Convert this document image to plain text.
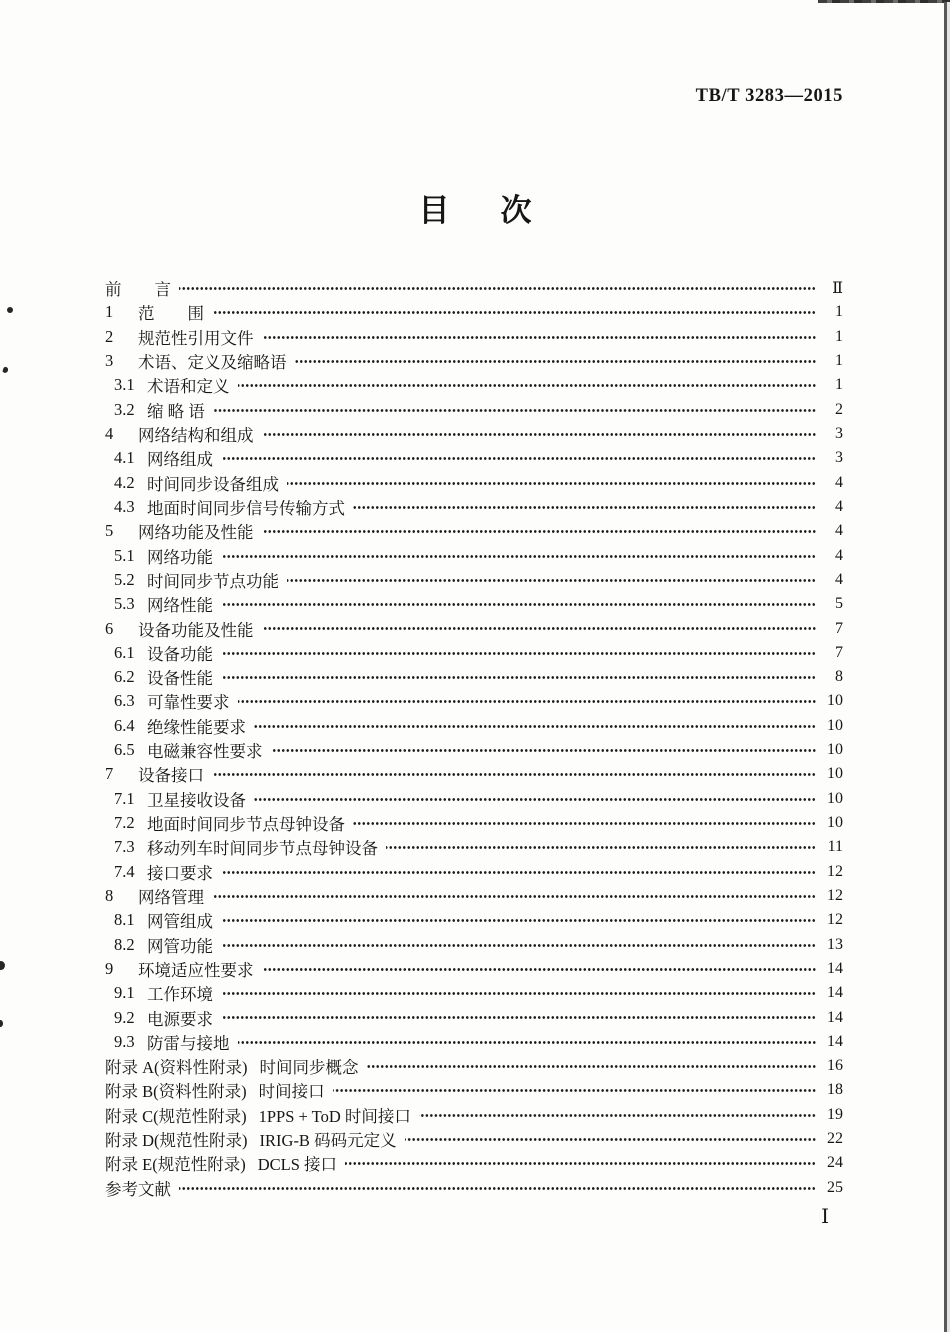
TB/T 3283—2015
目　次
前　　言	Ⅱ
1	范　　围	1
2	规范性引用文件	1
3	术语、定义及缩略语	1
3.1 术语和定义	1
3.2 缩 略 语	2
4	网络结构和组成	3
4.1 网络组成	3
4.2 时间同步设备组成	4
4.3 地面时间同步信号传输方式	4
5	网络功能及性能	4
5.1 网络功能	4
5.2 时间同步节点功能	4
5.3 网络性能	5
6	设备功能及性能	7
6.1 设备功能	7
6.2 设备性能	8
6.3 可靠性要求	10
6.4 绝缘性能要求	10
6.5 电磁兼容性要求	10
7	设备接口	10
7.1 卫星接收设备	10
7.2 地面时间同步节点母钟设备	10
7.3 移动列车时间同步节点母钟设备	11
7.4 接口要求	12
8	网络管理	12
8.1 网管组成	12
8.2 网管功能	13
9	环境适应性要求	14
9.1 工作环境	14
9.2 电源要求	14
9.3 防雷与接地	14
附录 A(资料性附录) 时间同步概念	16
附录 B(资料性附录) 时间接口	18
附录 C(规范性附录) 1PPS + ToD 时间接口	19
附录 D(规范性附录) IRIG-B 码码元定义	22
附录 E(规范性附录) DCLS 接口	24
参考文献	25
Ⅰ
